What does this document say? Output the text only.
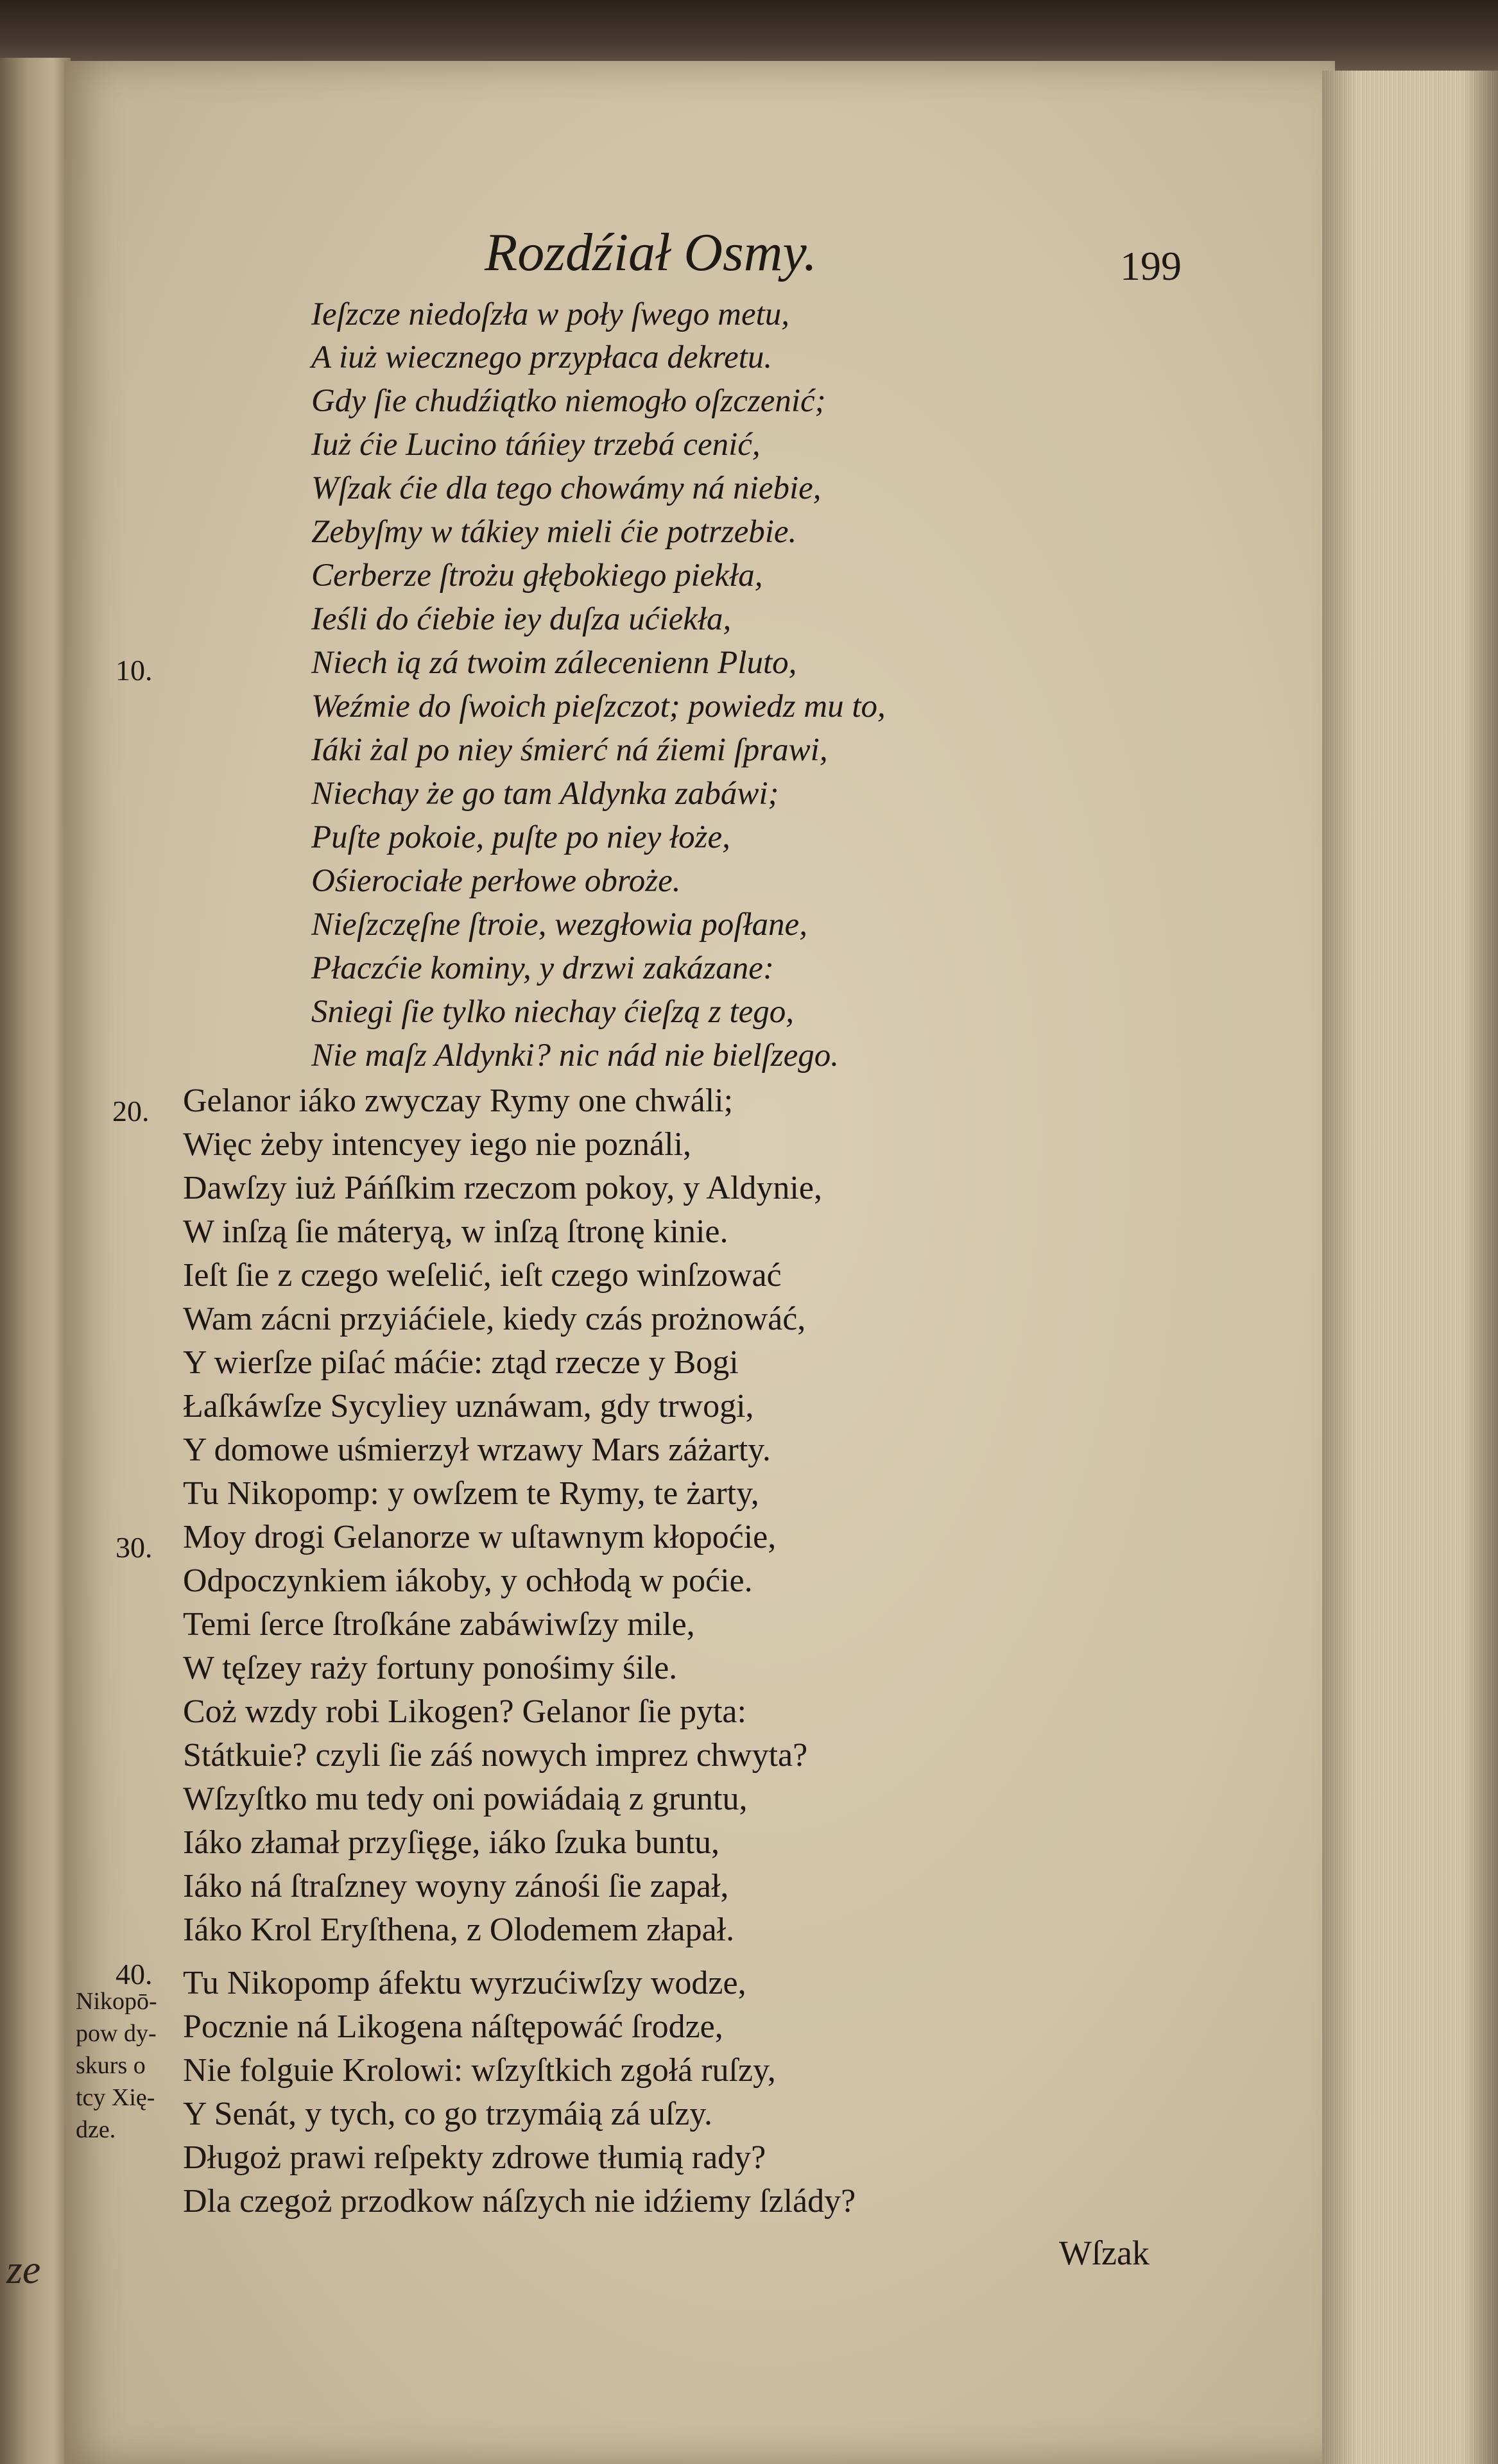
ze
Rozdźiał Osmy.	199
Ieſzcze niedoſzła w poły ſwego metu,
A iuż wiecznego przypłaca dekretu.
Gdy ſie chudźiątko niemogło oſzczenić;
Iuż ćie Lucino táńiey trzebá cenić,
Wſzak ćie dla tego chowámy ná niebie,
Zebyſmy w tákiey mieli ćie potrzebie.
Cerberze ſtrożu głębokiego piekła,
Ieśli do ćiebie iey duſza ućiekła,
Niech ią zá twoim zálecenienn Pluto,
Weźmie do ſwoich pieſzczot; powiedz mu to,
Iáki żal po niey śmierć ná źiemi ſprawi,
Niechay że go tam Aldynka zabáwi;
Puſte pokoie, puſte po niey łoże,
Ośierociałe perłowe obroże.
Nieſzczęſne ſtroie, wezgłowia poſłane,
Płaczćie kominy, y drzwi zakázane:
Sniegi ſie tylko niechay ćieſzą z tego,
Nie maſz Aldynki? nic nád nie bielſzego.
Gelanor iáko zwyczay Rymy one chwáli;
Więc żeby intencyey iego nie poználi,
Dawſzy iuż Páńſkim rzeczom pokoy, y Aldynie,
W inſzą ſie máteryą, w inſzą ſtronę kinie.
Ieſt ſie z czego weſelić, ieſt czego winſzować
Wam zácni przyiáćiele, kiedy czás prożnowáć,
Y wierſze piſać máćie: ztąd rzecze y Bogi
Łaſkáwſze Sycyliey uznáwam, gdy trwogi,
Y domowe uśmierzył wrzawy Mars záżarty.
Tu Nikopomp: y owſzem te Rymy, te żarty,
Moy drogi Gelanorze w uſtawnym kłopoćie,
Odpoczynkiem iákoby, y ochłodą w poćie.
Temi ſerce ſtroſkáne zabáwiwſzy mile,
W tęſzey raży fortuny ponośimy śile.
Coż wzdy robi Likogen? Gelanor ſie pyta:
Státkuie? czyli ſie záś nowych imprez chwyta?
Wſzyſtko mu tedy oni powiádaią z gruntu,
Iáko złamał przyſięge, iáko ſzuka buntu,
Iáko ná ſtraſzney woyny zánośi ſie zapał,
Iáko Krol Eryſthena, z Olodemem złapał.
Tu Nikopomp áfektu wyrzućiwſzy wodze,
Pocznie ná Likogena náſtępowáć ſrodze,
Nie folguie Krolowi: wſzyſtkich zgołá ruſzy,
Y Senát, y tych, co go trzymáią zá uſzy.
Długoż prawi reſpekty zdrowe tłumią rady?
Dla czegoż przodkow náſzych nie idźiemy ſzlády?
10.
20.
30.
40.
Nikopō-
pow dy-
skurs o
tcy Xię-
dze.
Wſzak
